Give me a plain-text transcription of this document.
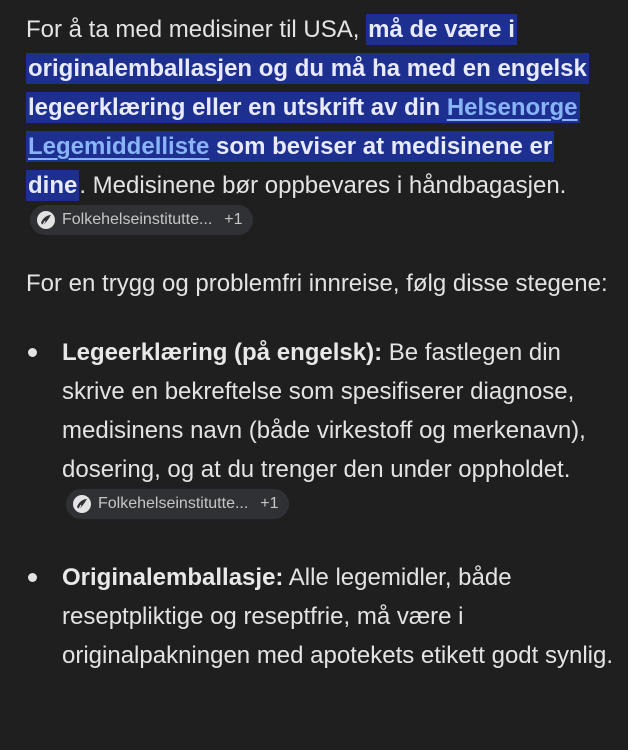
For å ta med medisiner til USA, må de være i originalemballasjen og du må ha med en engelsk legeerklæring eller en utskrift av din Helsenorge Legemiddelliste som beviser at medisinene er dine. Medisinene bør oppbevares i håndbagasjen.
Folkehelseinstitutte... +1

For en trygg og problemfri innreise, følg disse stegene:

Legeerklæring (på engelsk): Be fastlegen din skrive en bekreftelse som spesifiserer diagnose, medisinens navn (både virkestoff og merkenavn), dosering, og at du trenger den under oppholdet.
Folkehelseinstitutte... +1
Originalemballasje: Alle legemidler, både reseptpliktige og reseptfrie, må være i originalpakningen med apotekets etikett godt synlig.
